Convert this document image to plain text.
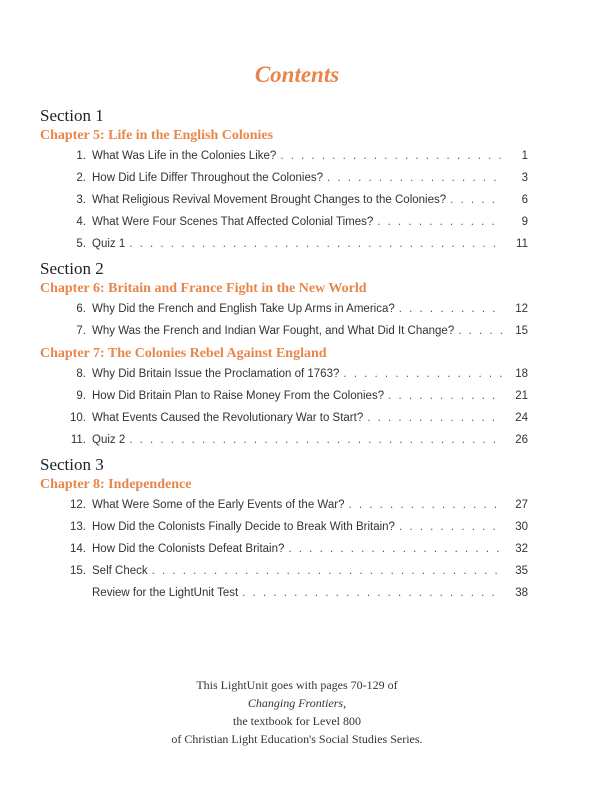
Contents
Section 1
Chapter 5: Life in the English Colonies
1. What Was Life in the Colonies Like? . . .	1
2. How Did Life Differ Throughout the Colonies? . . .	3
3. What Religious Revival Movement Brought Changes to the Colonies? . . .	6
4. What Were Four Scenes That Affected Colonial Times? . . .	9
5. Quiz 1 . . .	11
Section 2
Chapter 6: Britain and France Fight in the New World
6. Why Did the French and English Take Up Arms in America? . . .	12
7. Why Was the French and Indian War Fought, and What Did It Change? . . .	15
Chapter 7: The Colonies Rebel Against England
8. Why Did Britain Issue the Proclamation of 1763? . . .	18
9. How Did Britain Plan to Raise Money From the Colonies? . . .	21
10. What Events Caused the Revolutionary War to Start? . . .	24
11. Quiz 2 . . .	26
Section 3
Chapter 8: Independence
12. What Were Some of the Early Events of the War? . . .	27
13. How Did the Colonists Finally Decide to Break With Britain? . . .	30
14. How Did the Colonists Defeat Britain? . . .	32
15. Self Check . . .	35
Review for the LightUnit Test . . .	38
This LightUnit goes with pages 70-129 of
Changing Frontiers,
the textbook for Level 800
of Christian Light Education's Social Studies Series.
